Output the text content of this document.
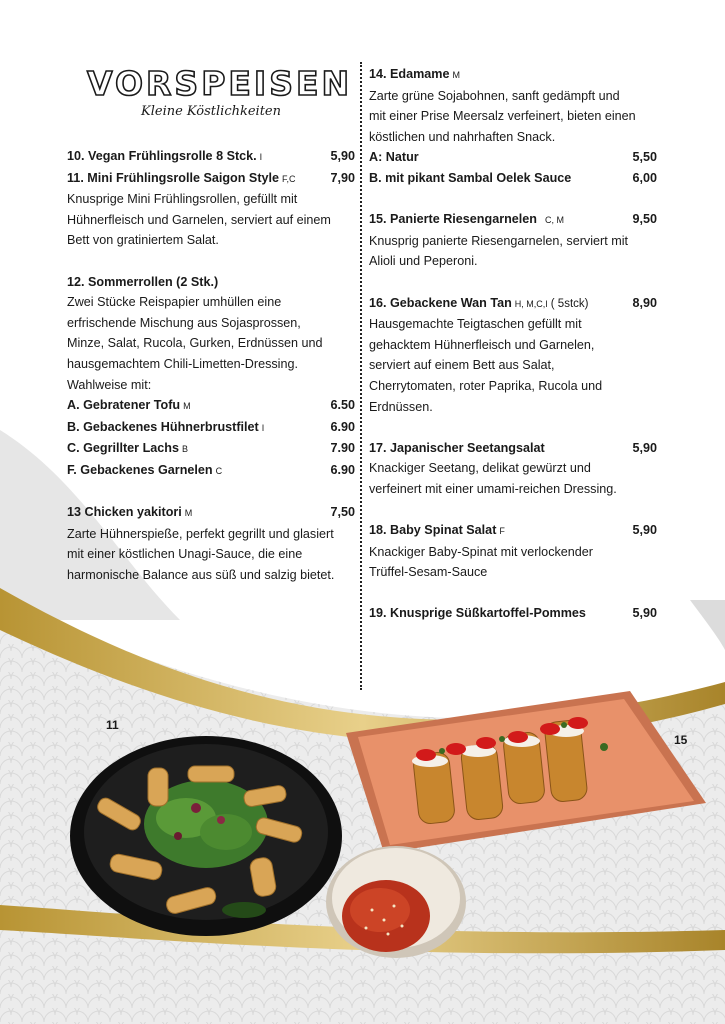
VORSPEISEN
Kleine Köstlichkeiten
10. Vegan Frühlingsrolle 8 Stck. I	5,90
11. Mini Frühlingsrolle Saigon Style F,C	7,90
Knusprige Mini Frühlingsrollen, gefüllt mit
Hühnerfleisch und Garnelen, serviert auf einem
Bett von gratiniertem Salat.
12. Sommerrollen (2 Stk.)
Zwei Stücke Reispapier umhüllen eine
erfrischende Mischung aus Sojasprossen,
Minze, Salat, Rucola, Gurken, Erdnüssen und
hausgemachtem Chili-Limetten-Dressing.
Wahlweise mit:
A. Gebratener Tofu M	6.50
B. Gebackenes Hühnerbrustfilet I	6.90
C. Gegrillter Lachs B	7.90
F. Gebackenes Garnelen C	6.90
13 Chicken yakitori M	7,50
Zarte Hühnerspieße, perfekt gegrillt und glasiert
mit einer köstlichen Unagi-Sauce, die eine
harmonische Balance aus süß und salzig bietet.
14. Edamame M
Zarte grüne Sojabohnen, sanft gedämpft und
mit einer Prise Meersalz verfeinert, bieten einen
köstlichen und nahrhaften Snack.
A: Natur	5,50
B. mit pikant Sambal Oelek Sauce	6,00
15. Panierte Riesengarnelen C, M	9,50
Knusprig panierte Riesengarnelen, serviert mit
Alioli und Peperoni.
16. Gebackene Wan Tan H, M,C,I ( 5stck)	8,90
Hausgemachte Teigtaschen gefüllt mit
gehacktem Hühnerfleisch und Garnelen,
serviert auf einem Bett aus Salat,
Cherrytomaten, roter Paprika, Rucola und
Erdnüssen.
17. Japanischer Seetangsalat	5,90
Knackiger Seetang, delikat gewürzt und
verfeinert mit einer umami-reichen Dressing.
18. Baby Spinat Salat F	5,90
Knackiger Baby-Spinat mit verlockender
Trüffel-Sesam-Sauce
19. Knusprige Süßkartoffel-Pommes	5,90
11
15
